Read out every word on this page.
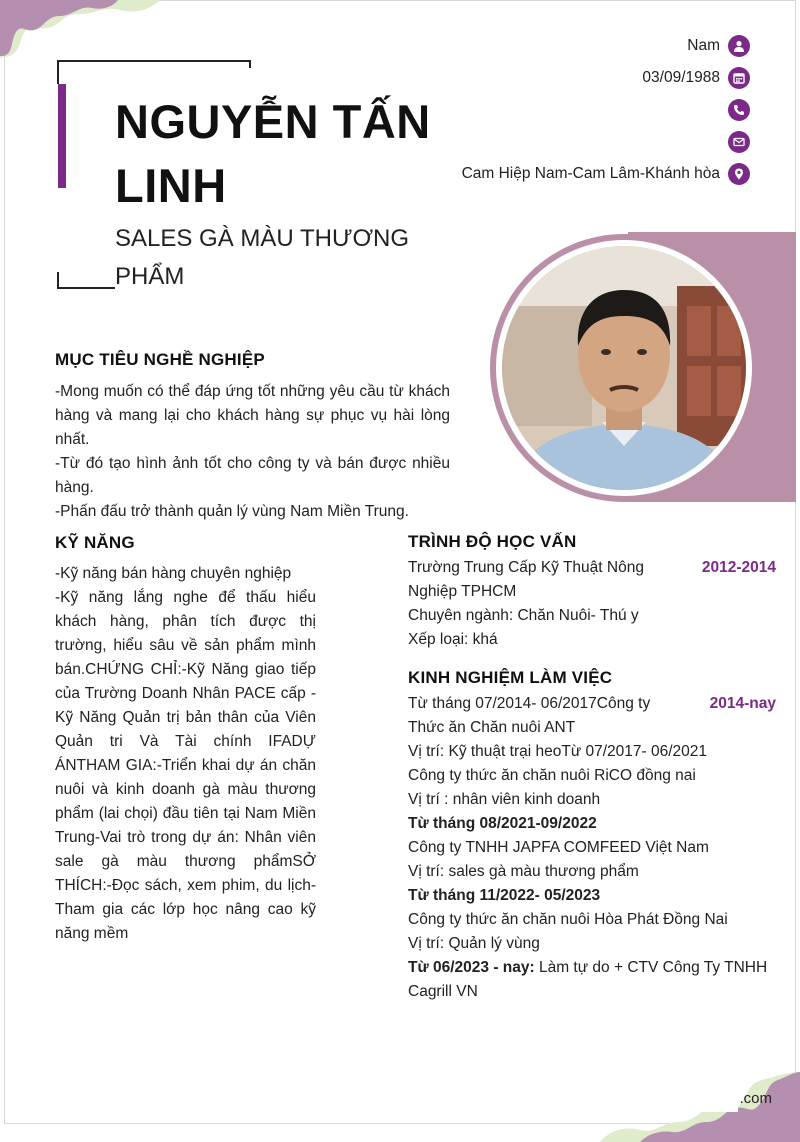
NGUYỄN TẤN
LINH
SALES GÀ MÀU THƯƠNG
PHẨM
Nam
03/09/1988
Cam Hiệp Nam-Cam Lâm-Khánh hòa
MỤC TIÊU NGHỀ NGHIỆP
-Mong muốn có thể đáp ứng tốt những yêu cầu từ khách hàng và mang lại cho khách hàng sự phục vụ hài lòng nhất.
-Từ đó tạo hình ảnh tốt cho công ty và bán được nhiều hàng.
-Phấn đấu trở thành quản lý vùng Nam Miền Trung.
KỸ NĂNG
-Kỹ năng bán hàng chuyên nghiệp
-Kỹ năng lắng nghe để thấu hiểu khách hàng, phân tích được thị trường, hiểu sâu về sản phẩm mình bán.CHỨNG CHỈ:-Kỹ Năng giao tiếp của Trường Doanh Nhân PACE cấp -Kỹ Năng Quản trị bản thân của Viên Quản tri Và Tài chính IFADỰ ÁNTHAM GIA:-Triển khai dự án chăn nuôi và kinh doanh gà màu thương phẩm (lai chọi) đầu tiên tại Nam Miền Trung-Vai trò trong dự án: Nhân viên sale gà màu thương phẩmSỞ THÍCH:-Đọc sách, xem phim, du lịch-Tham gia các lớp học nâng cao kỹ năng mềm
TRÌNH ĐỘ HỌC VẤN
Trường Trung Cấp Kỹ Thuật Nông Nghiệp TPHCM
2012-2014
Chuyên ngành: Chăn Nuôi- Thú y
Xếp loại: khá
KINH NGHIỆM LÀM VIỆC
Từ tháng 07/2014- 06/2017Công ty Thức ăn Chăn nuôi ANT
2014-nay
Vị trí: Kỹ thuật trại heoTừ 07/2017- 06/2021
Công ty thức ăn chăn nuôi RiCO đồng nai
Vị trí : nhân viên kinh doanh
Từ tháng 08/2021-09/2022
Công ty TNHH JAPFA COMFEED Việt Nam
Vị trí: sales gà màu thương phẩm
Từ tháng 11/2022- 05/2023
Công ty thức ăn chăn nuôi Hòa Phát Đồng Nai
Vị trí: Quản lý vùng
Từ 06/2023 - nay: Làm tự do + CTV Công Ty TNHH Cagrill VN
.com
